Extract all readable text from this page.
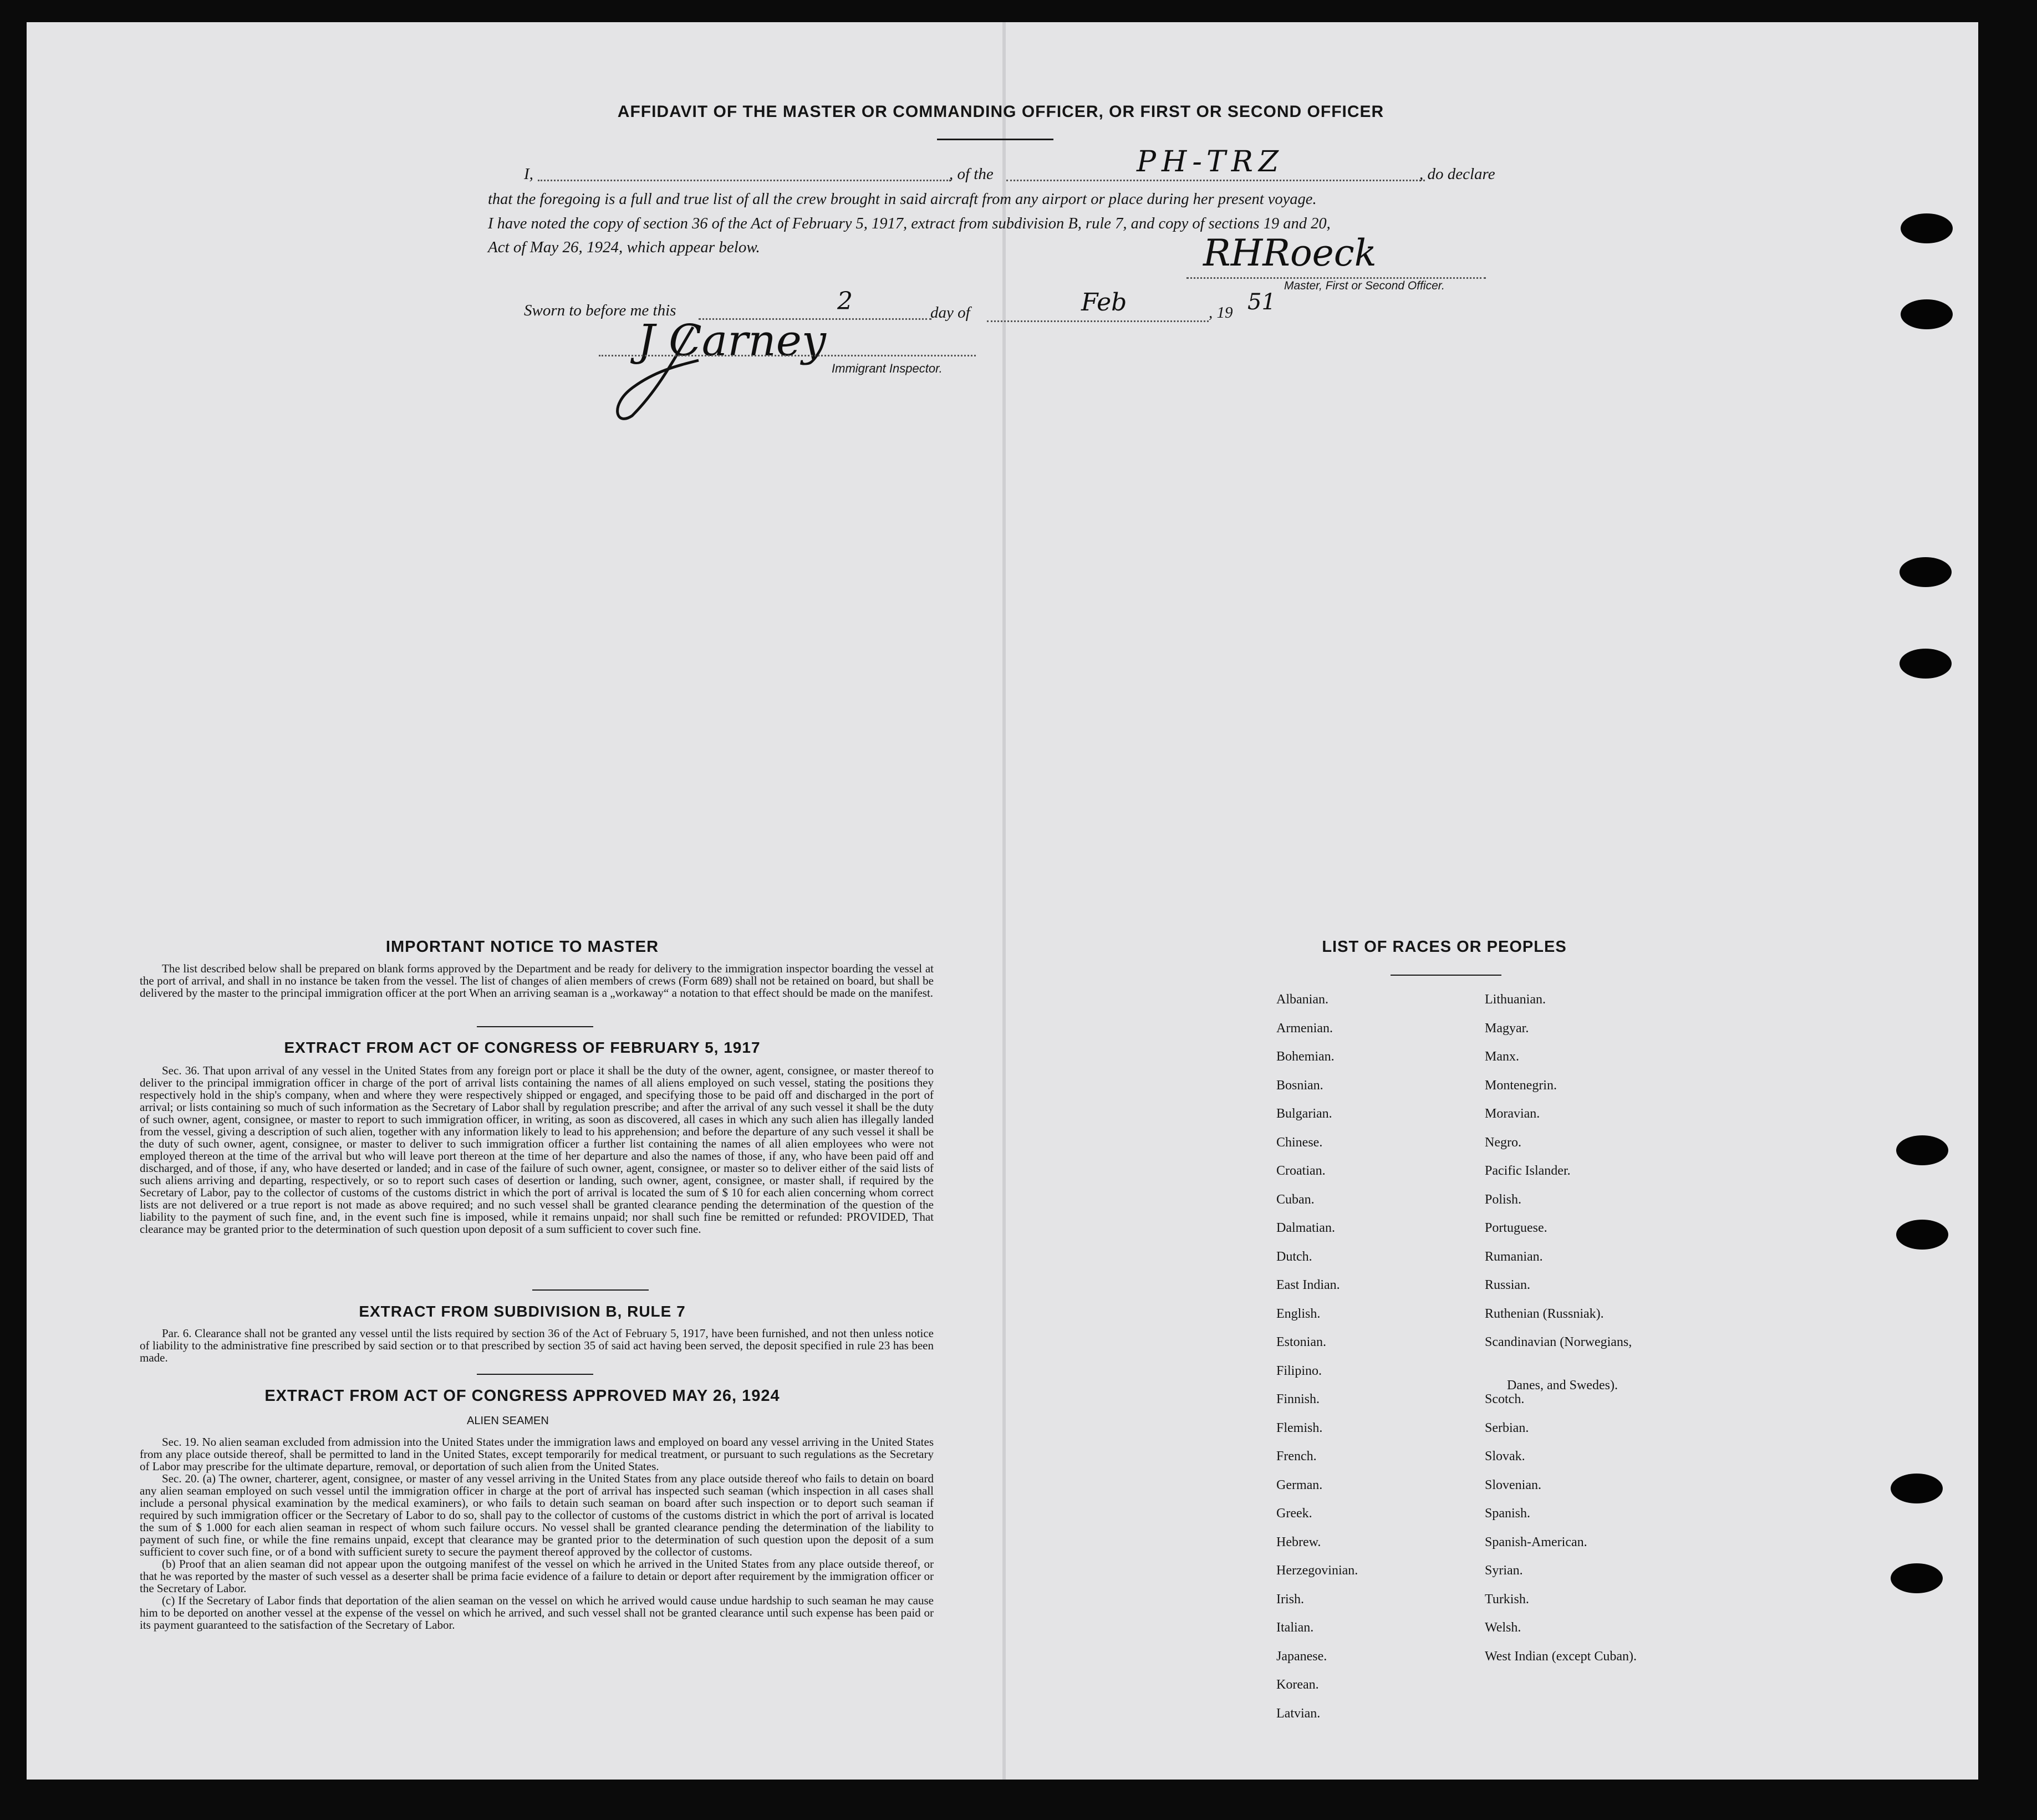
AFFIDAVIT OF THE MASTER OR COMMANDING OFFICER, OR FIRST OR SECOND OFFICER
I,	, of the	PH-TRZ	, do declare
that the foregoing is a full and true list of all the crew brought in said aircraft from any airport or place during her present voyage.
I have noted the copy of section 36 of the Act of February 5, 1917, extract from subdivision B, rule 7, and copy of sections 19 and 20,
Act of May 26, 1924, which appear below.	RHRoeck
Master, First or Second Officer.
Sworn to before me this	2	day of	Feb	, 19 51
J Carney
Immigrant Inspector.
IMPORTANT NOTICE TO MASTER

The list described below shall be prepared on blank forms approved by the Department and be ready for delivery to the immigration inspector boarding the vessel at the port of arrival, and shall in no instance be taken from the vessel. The list of changes of alien members of crews (Form 689) shall not be retained on board, but shall be delivered by the master to the principal immigration officer at the port When an arriving seaman is a „workaway“ a notation to that effect should be made on the manifest.

EXTRACT FROM ACT OF CONGRESS OF FEBRUARY 5, 1917

Sec. 36. That upon arrival of any vessel in the United States from any foreign port or place it shall be the duty of the owner, agent, consignee, or master thereof to deliver to the principal immigration officer in charge of the port of arrival lists containing the names of all aliens employed on such vessel, stating the positions they respectively hold in the ship's company, when and where they were respectively shipped or engaged, and specifying those to be paid off and discharged in the port of arrival; or lists containing so much of such information as the Secretary of Labor shall by regulation prescribe; and after the arrival of any such vessel it shall be the duty of such owner, agent, consignee, or master to report to such immigration officer, in writing, as soon as discovered, all cases in which any such alien has illegally landed from the vessel, giving a description of such alien, together with any information likely to lead to his apprehension; and before the departure of any such vessel it shall be the duty of such owner, agent, consignee, or master to deliver to such immigration officer a further list containing the names of all alien employees who were not employed thereon at the time of the arrival but who will leave port thereon at the time of her departure and also the names of those, if any, who have been paid off and discharged, and of those, if any, who have deserted or landed; and in case of the failure of such owner, agent, consignee, or master so to deliver either of the said lists of such aliens arriving and departing, respectively, or so to report such cases of desertion or landing, such owner, agent, consignee, or master shall, if required by the Secretary of Labor, pay to the collector of customs of the customs district in which the port of arrival is located the sum of $ 10 for each alien concerning whom correct lists are not delivered or a true report is not made as above required; and no such vessel shall be granted clearance pending the determination of the question of the liability to the payment of such fine, and, in the event such fine is imposed, while it remains unpaid; nor shall such fine be remitted or refunded: PROVIDED, That clearance may be granted prior to the determination of such question upon deposit of a sum sufficient to cover such fine.

EXTRACT FROM SUBDIVISION B, RULE 7

Par. 6. Clearance shall not be granted any vessel until the lists required by section 36 of the Act of February 5, 1917, have been furnished, and not then unless notice of liability to the administrative fine prescribed by said section or to that prescribed by section 35 of said act having been served, the deposit specified in rule 23 has been made.

EXTRACT FROM ACT OF CONGRESS APPROVED MAY 26, 1924
ALIEN SEAMEN

Sec. 19. No alien seaman excluded from admission into the United States under the immigration laws and employed on board any vessel arriving in the United States from any place outside thereof, shall be permitted to land in the United States, except temporarily for medical treatment, or pursuant to such regulations as the Secretary of Labor may prescribe for the ultimate departure, removal, or deportation of such alien from the United States.

Sec. 20. (a) The owner, charterer, agent, consignee, or master of any vessel arriving in the United States from any place outside thereof who fails to detain on board any alien seaman employed on such vessel until the immigration officer in charge at the port of arrival has inspected such seaman (which inspection in all cases shall include a personal physical examination by the medical examiners), or who fails to detain such seaman on board after such inspection or to deport such seaman if required by such immigration officer or the Secretary of Labor to do so, shall pay to the collector of customs of the customs district in which the port of arrival is located the sum of $ 1.000 for each alien seaman in respect of whom such failure occurs. No vessel shall be granted clearance pending the determination of the liability to payment of such fine, or while the fine remains unpaid, except that clearance may be granted prior to the determination of such question upon the deposit of a sum sufficient to cover such fine, or of a bond with sufficient surety to secure the payment thereof approved by the collector of customs.

(b) Proof that an alien seaman did not appear upon the outgoing manifest of the vessel on which he arrived in the United States from any place outside thereof, or that he was reported by the master of such vessel as a deserter shall be prima facie evidence of a failure to detain or deport after requirement by the immigration officer or the Secretary of Labor.

(c) If the Secretary of Labor finds that deportation of the alien seaman on the vessel on which he arrived would cause undue hardship to such seaman he may cause him to be deported on another vessel at the expense of the vessel on which he arrived, and such vessel shall not be granted clearance until such expense has been paid or its payment guaranteed to the satisfaction of the Secretary of Labor.

LIST OF RACES OR PEOPLES
Albanian.
Armenian.
Bohemian.
Bosnian.
Bulgarian.
Chinese.
Croatian.
Cuban.
Dalmatian.
Dutch.
East Indian.
English.
Estonian.
Filipino.
Finnish.
Flemish.
French.
German.
Greek.
Hebrew.
Herzegovinian.
Irish.
Italian.
Japanese.
Korean.
Latvian.
Lithuanian.
Magyar.
Manx.
Montenegrin.
Moravian.
Negro.
Pacific Islander.
Polish.
Portuguese.
Rumanian.
Russian.
Ruthenian (Russniak).
Scandinavian (Norwegians,
Danes, and Swedes).
Scotch.
Serbian.
Slovak.
Slovenian.
Spanish.
Spanish-American.
Syrian.
Turkish.
Welsh.
West Indian (except Cuban).
